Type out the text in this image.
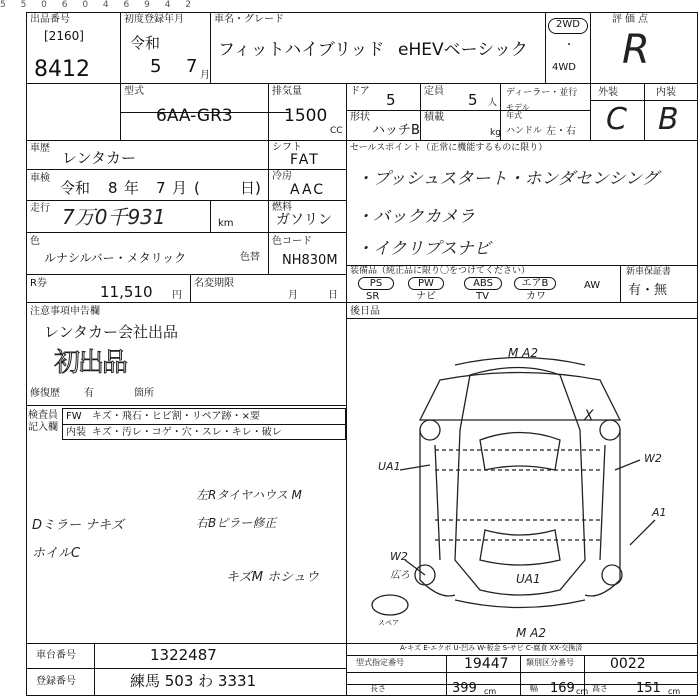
5 5 0 6 0 4 6 9 4 2
出品番号
[2160]
8412
初度登録年月
令和
5 7 月
車名・グレード
フィットハイブリッド eHEVベーシック
2WD
・
4WD
評価点
R
外装	内装
C B
型式
6AA-GR3
排気量
1500
CC
ドア 5	定員 5 人
形状
ハッチB
積載
kg
ディーラー・並行
モデル年式
ハンドル 左・右
車歴
レンタカー
シフト
FAT
車検
令和 8 年 7 月 (	日)
冷房
AAC
走行 7万0千931	km
燃料
ガソリン
色
ルナシルバー・メタリック	色替
色コード
NH830M
R券	11,510 円
名変期限
月	日
注意事項申告欄
レンタカー会社出品
初出品
修復歴 有	箇所
セールスポイント（正常に機能するものに限り）
・プッシュスタート・ホンダセンシング
・バックカメラ
・イクリプスナビ
装備品（純正品に限り〇をつけてください）
PS
SR
PW
ナビ
ABS
TV
エアB
カワ
AW
新車保証書
有・無
後日品
検査員記入欄
FW キズ・飛石・ヒビ割・リペア跡・×要
内装 キズ・汚レ・コゲ・穴・スレ・キレ・破レ
Dミラー ナキズ
ホイルC
左Rタイヤハウス M
右Bピラー修正
キズM ホシュウ
スペア
M A2
X
W2
A1
UA1
W2
広ろ	UA1
M A2
A-キズ E-エクボ U-凹み W-板金 S-サビ C-腐食 XX-交換済
車台番号	1322487
登録番号	練馬 503 わ 3331
型式指定番号	19447 類別区分番号	0022
長さ	399 cm	幅 169 cm 高さ 151 cm
